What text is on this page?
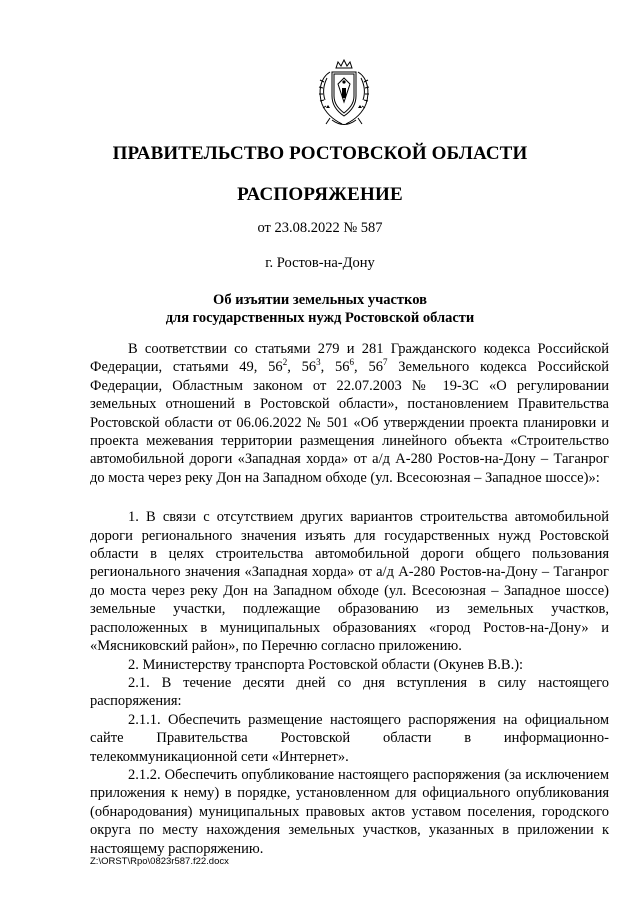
ПРАВИТЕЛЬСТВО РОСТОВСКОЙ ОБЛАСТИ
РАСПОРЯЖЕНИЕ
от 23.08.2022 № 587
г. Ростов-на-Дону
Об изъятии земельных участков
для государственных нужд Ростовской области

В соответствии со статьями 279 и 281 Гражданского кодекса Российской Федерации, статьями 49, $56^2$, $56^3$, $56^6$, $56^7$ Земельного кодекса Российской Федерации, Областным законом от 22.07.2003 № 19-ЗС «О регулировании земельных отношений в Ростовской области», постановлением Правительства Ростовской области от 06.06.2022 № 501 «Об утверждении проекта планировки и проекта межевания территории размещения линейного объекта «Строительство автомобильной дороги «Западная хорда» от а/д А-280 Ростов-на-Дону – Таганрог до моста через реку Дон на Западном обходе (ул. Всесоюзная – Западное шоссе)»:

1. В связи с отсутствием других вариантов строительства автомобильной дороги регионального значения изъять для государственных нужд Ростовской области в целях строительства автомобильной дороги общего пользования регионального значения «Западная хорда» от а/д А-280 Ростов-на-Дону – Таганрог до моста через реку Дон на Западном обходе (ул. Всесоюзная – Западное шоссе) земельные участки, подлежащие образованию из земельных участков, расположенных в муниципальных образованиях «город Ростов-на-Дону» и «Мясниковский район», по Перечню согласно приложению.

2. Министерству транспорта Ростовской области (Окунев В.В.):

2.1. В течение десяти дней со дня вступления в силу настоящего распоряжения:

2.1.1. Обеспечить размещение настоящего распоряжения на официальном сайте Правительства Ростовской области в информационно-телекоммуникационной сети «Интернет».

2.1.2. Обеспечить опубликование настоящего распоряжения (за исключением приложения к нему) в порядке, установленном для официального опубликования (обнародования) муниципальных правовых актов уставом поселения, городского округа по месту нахождения земельных участков, указанных в приложении к настоящему распоряжению.

Z:\ORST\Rpo\0823r587.f22.docx
